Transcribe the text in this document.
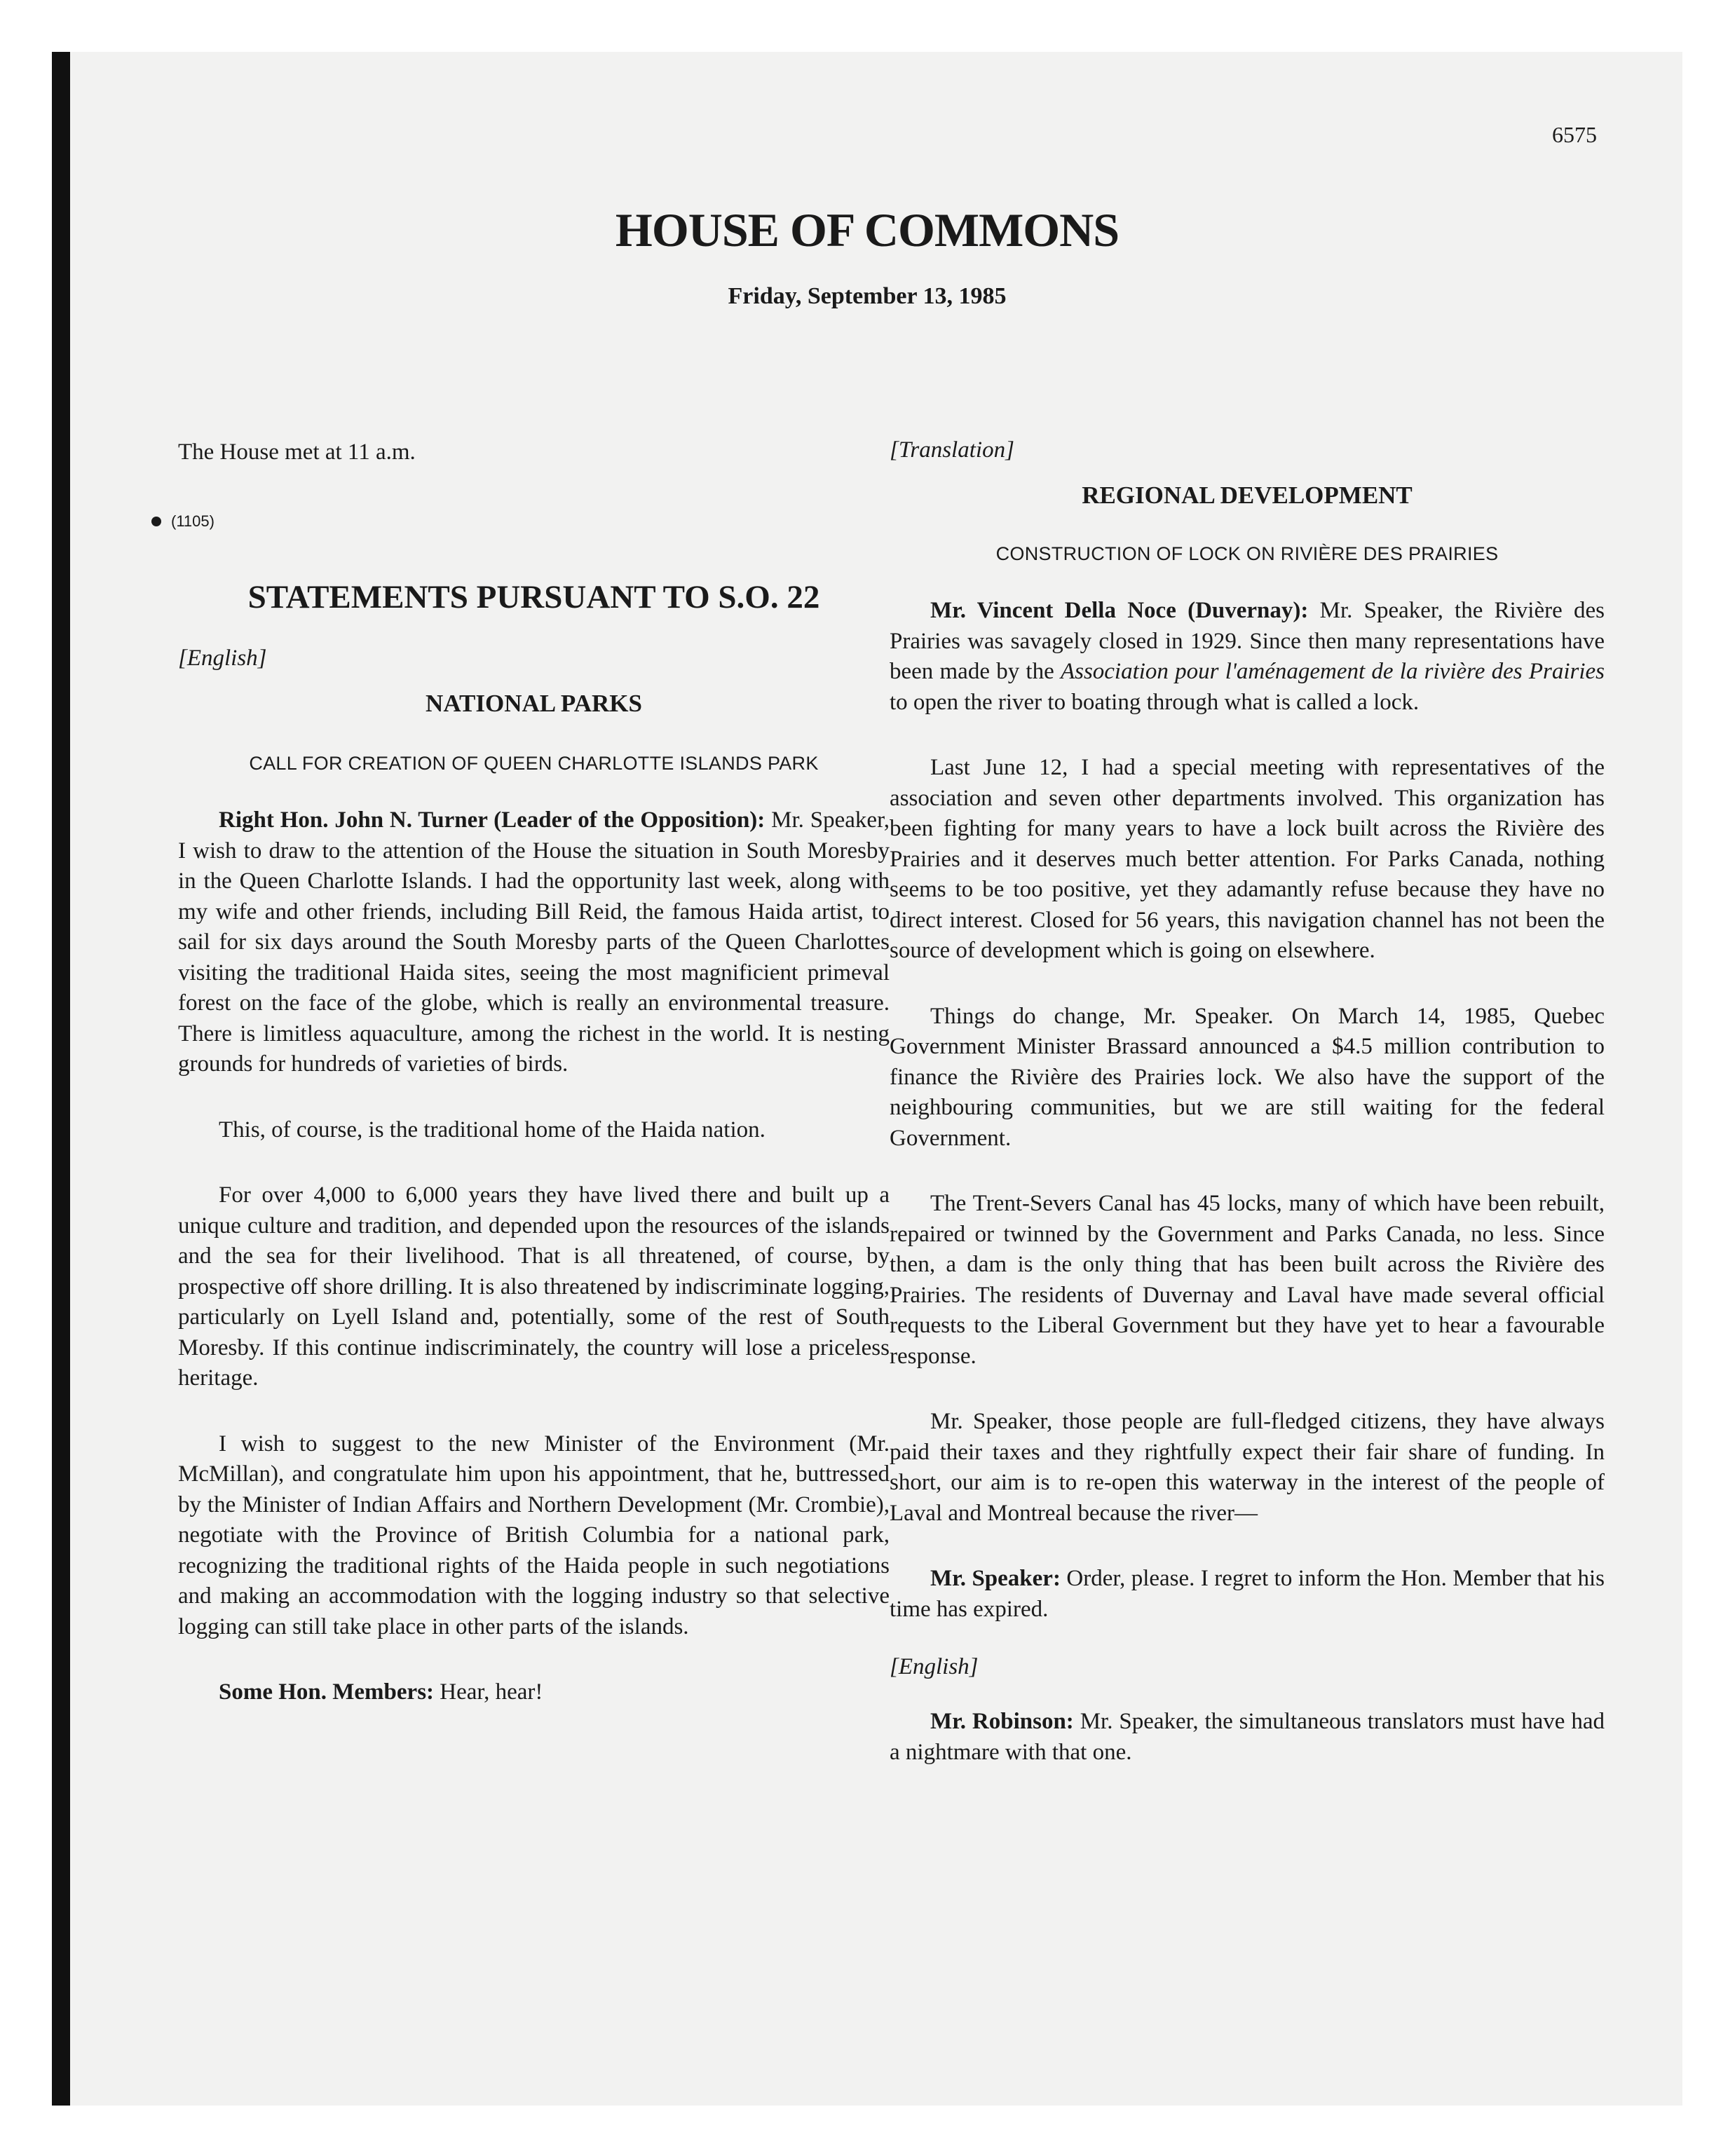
6575

HOUSE OF COMMONS

Friday, September 13, 1985

The House met at 11 a.m.

(1105)
STATEMENTS PURSUANT TO S.O. 22

[English]

NATIONAL PARKS
CALL FOR CREATION OF QUEEN CHARLOTTE ISLANDS PARK

Right Hon. John N. Turner (Leader of the Opposition): Mr. Speaker, I wish to draw to the attention of the House the situation in South Moresby in the Queen Charlotte Islands. I had the opportunity last week, along with my wife and other friends, including Bill Reid, the famous Haida artist, to sail for six days around the South Moresby parts of the Queen Charlottes visiting the traditional Haida sites, seeing the most magnificient primeval forest on the face of the globe, which is really an environmental treasure. There is limitless aquaculture, among the richest in the world. It is nesting grounds for hundreds of varieties of birds.

This, of course, is the traditional home of the Haida nation.

For over 4,000 to 6,000 years they have lived there and built up a unique culture and tradition, and depended upon the resources of the islands and the sea for their livelihood. That is all threatened, of course, by prospective off shore drilling. It is also threatened by indiscriminate logging, particularly on Lyell Island and, potentially, some of the rest of South Moresby. If this continue indiscriminately, the country will lose a priceless heritage.

I wish to suggest to the new Minister of the Environment (Mr. McMillan), and congratulate him upon his appointment, that he, buttressed by the Minister of Indian Affairs and Northern Development (Mr. Crombie), negotiate with the Province of British Columbia for a national park, recognizing the traditional rights of the Haida people in such negotiations and making an accommodation with the logging industry so that selective logging can still take place in other parts of the islands.

Some Hon. Members: Hear, hear!

[Translation]

REGIONAL DEVELOPMENT
CONSTRUCTION OF LOCK ON RIVIÈRE DES PRAIRIES

Mr. Vincent Della Noce (Duvernay): Mr. Speaker, the Rivière des Prairies was savagely closed in 1929. Since then many representations have been made by the Association pour l'aménagement de la rivière des Prairies to open the river to boating through what is called a lock.

Last June 12, I had a special meeting with representatives of the association and seven other departments involved. This organization has been fighting for many years to have a lock built across the Rivière des Prairies and it deserves much better attention. For Parks Canada, nothing seems to be too positive, yet they adamantly refuse because they have no direct interest. Closed for 56 years, this navigation channel has not been the source of development which is going on elsewhere.

Things do change, Mr. Speaker. On March 14, 1985, Quebec Government Minister Brassard announced a $4.5 million contribution to finance the Rivière des Prairies lock. We also have the support of the neighbouring communities, but we are still waiting for the federal Government.

The Trent-Severs Canal has 45 locks, many of which have been rebuilt, repaired or twinned by the Government and Parks Canada, no less. Since then, a dam is the only thing that has been built across the Rivière des Prairies. The residents of Duvernay and Laval have made several official requests to the Liberal Government but they have yet to hear a favourable response.

Mr. Speaker, those people are full-fledged citizens, they have always paid their taxes and they rightfully expect their fair share of funding. In short, our aim is to re-open this waterway in the interest of the people of Laval and Montreal because the river—

Mr. Speaker: Order, please. I regret to inform the Hon. Member that his time has expired.

[English]

Mr. Robinson: Mr. Speaker, the simultaneous translators must have had a nightmare with that one.
